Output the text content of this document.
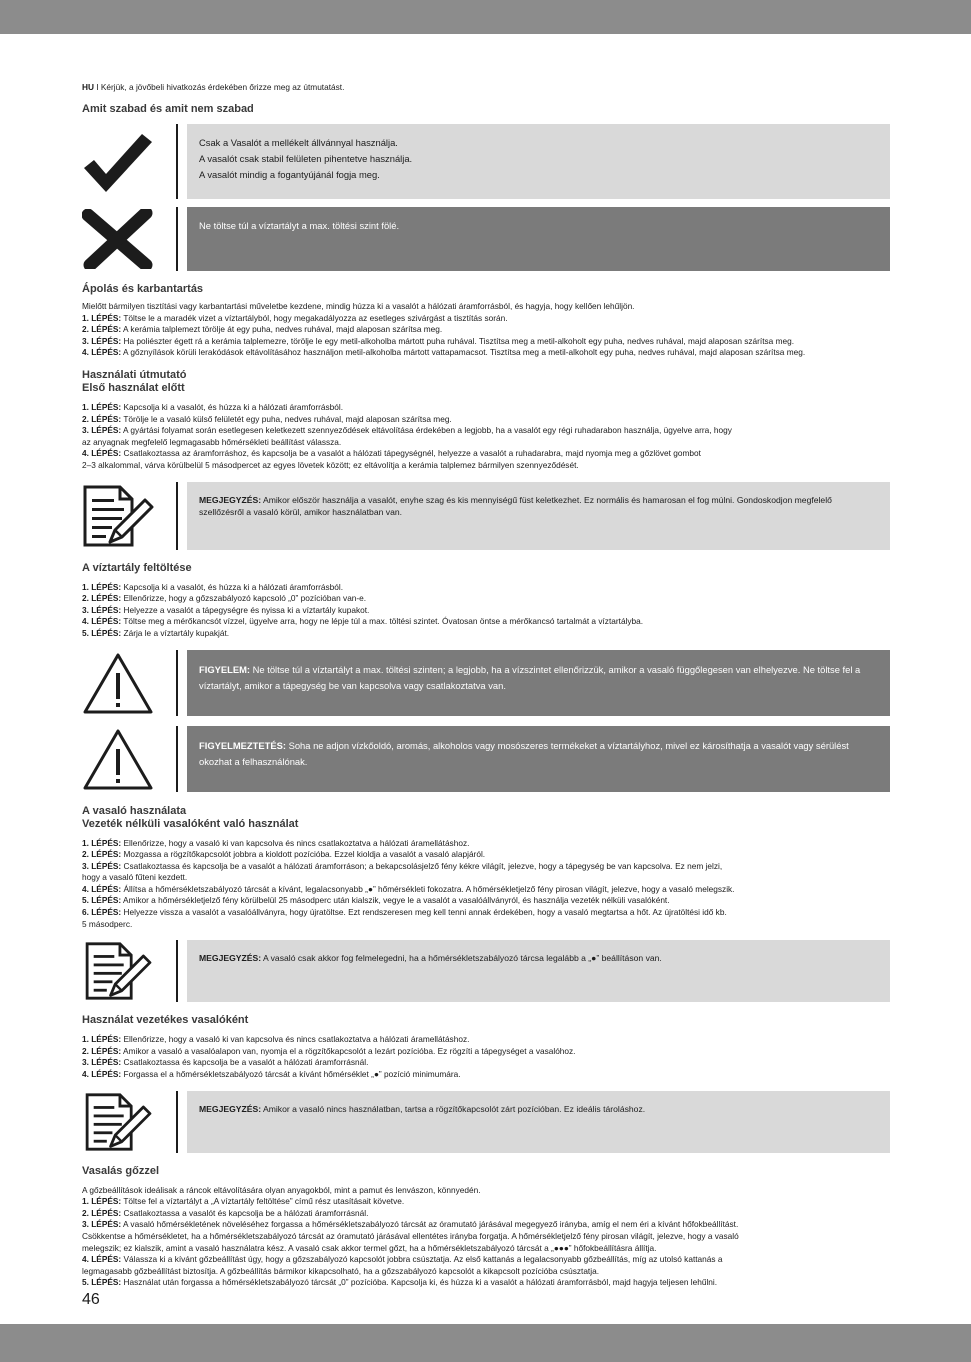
HU I Kérjük, a jövőbeli hivatkozás érdekében őrizze meg az útmutatást.

Amit szabad és amit nem szabad
Csak a Vasalót a mellékelt állvánnyal használja.
A vasalót csak stabil felületen pihentetve használja.
A vasalót mindig a fogantyújánál fogja meg.
Ne töltse túl a víztartályt a max. töltési szint fölé.
Ápolás és karbantartás
Mielőtt bármilyen tisztítási vagy karbantartási műveletbe kezdene, mindig húzza ki a vasalót a hálózati áramforrásból, és hagyja, hogy kellően lehűljön.
1. LÉPÉS: Töltse le a maradék vizet a víztartályból, hogy megakadályozza az esetleges szivárgást a tisztítás során.
2. LÉPÉS: A kerámia talplemezt törölje át egy puha, nedves ruhával, majd alaposan szárítsa meg.
3. LÉPÉS: Ha poliészter égett rá a kerámia talplemezre, törölje le egy metil-alkoholba mártott puha ruhával. Tisztítsa meg a metil-alkoholt egy puha, nedves ruhával, majd alaposan szárítsa meg.
4. LÉPÉS: A gőznyílások körüli lerakódások eltávolításához használjon metil-alkoholba mártott vattapamacsot. Tisztítsa meg a metil-alkoholt egy puha, nedves ruhával, majd alaposan szárítsa meg.
Használati útmutató
Első használat előtt
1. LÉPÉS: Kapcsolja ki a vasalót, és húzza ki a hálózati áramforrásból.
2. LÉPÉS: Törölje le a vasaló külső felületét egy puha, nedves ruhával, majd alaposan szárítsa meg.
3. LÉPÉS: A gyártási folyamat során esetlegesen keletkezett szennyeződések eltávolítása érdekében a legjobb, ha a vasalót egy régi ruhadarabon használja, ügyelve arra, hogy
az anyagnak megfelelő legmagasabb hőmérsékleti beállítást válassza.
4. LÉPÉS: Csatlakoztassa az áramforráshoz, és kapcsolja be a vasalót a hálózati tápegységnél, helyezze a vasalót a ruhadarabra, majd nyomja meg a gőzlövet gombot
2–3 alkalommal, várva körülbelül 5 másodpercet az egyes lövetek között; ez eltávolítja a kerámia talplemez bármilyen szennyeződését.
MEGJEGYZÉS: Amikor először használja a vasalót, enyhe szag és kis mennyiségű füst keletkezhet. Ez normális és hamarosan el fog múlni. Gondoskodjon megfelelő szellőzésről a vasaló körül, amikor használatban van.
A víztartály feltöltése
1. LÉPÉS: Kapcsolja ki a vasalót, és húzza ki a hálózati áramforrásból.
2. LÉPÉS: Ellenőrizze, hogy a gőzszabályozó kapcsoló „0” pozícióban van-e.
3. LÉPÉS: Helyezze a vasalót a tápegységre és nyissa ki a víztartály kupakot.
4. LÉPÉS: Töltse meg a mérőkancsót vízzel, ügyelve arra, hogy ne lépje túl a max. töltési szintet. Óvatosan öntse a mérőkancsó tartalmát a víztartályba.
5. LÉPÉS: Zárja le a víztartály kupakját.
FIGYELEM: Ne töltse túl a víztartályt a max. töltési szinten; a legjobb, ha a vízszintet ellenőrizzük, amikor a vasaló függőlegesen van elhelyezve. Ne töltse fel a víztartályt, amikor a tápegység be van kapcsolva vagy csatlakoztatva van.
FIGYELMEZTETÉS: Soha ne adjon vízkőoldó, aromás, alkoholos vagy mosószeres termékeket a víztartályhoz, mivel ez károsíthatja a vasalót vagy sérülést okozhat a felhasználónak.
A vasaló használata
Vezeték nélküli vasalóként való használat
1. LÉPÉS: Ellenőrizze, hogy a vasaló ki van kapcsolva és nincs csatlakoztatva a hálózati áramellátáshoz.
2. LÉPÉS: Mozgassa a rögzítőkapcsolót jobbra a kioldott pozícióba. Ezzel kioldja a vasalót a vasaló alapjáról.
3. LÉPÉS: Csatlakoztassa és kapcsolja be a vasalót a hálózati áramforráson; a bekapcsolásjelző fény kékre világít, jelezve, hogy a tápegység be van kapcsolva. Ez nem jelzi,
hogy a vasaló fűteni kezdett.
4. LÉPÉS: Állítsa a hőmérsékletszabályozó tárcsát a kívánt, legalacsonyabb „●” hőmérsékleti fokozatra. A hőmérsékletjelző fény pirosan világít, jelezve, hogy a vasaló melegszik.
5. LÉPÉS: Amikor a hőmérsékletjelző fény körülbelül 25 másodperc után kialszik, vegye le a vasalót a vasalóállványról, és használja vezeték nélküli vasalóként.
6. LÉPÉS: Helyezze vissza a vasalót a vasalóállványra, hogy újratöltse. Ezt rendszeresen meg kell tenni annak érdekében, hogy a vasaló megtartsa a hőt. Az újratöltési idő kb.
5 másodperc.
MEGJEGYZÉS: A vasaló csak akkor fog felmelegedni, ha a hőmérsékletszabályozó tárcsa legalább a „●” beállításon van.
Használat vezetékes vasalóként
1. LÉPÉS: Ellenőrizze, hogy a vasaló ki van kapcsolva és nincs csatlakoztatva a hálózati áramellátáshoz.
2. LÉPÉS: Amikor a vasaló a vasalóalapon van, nyomja el a rögzítőkapcsolót a lezárt pozícióba. Ez rögzíti a tápegységet a vasalóhoz.
3. LÉPÉS: Csatlakoztassa és kapcsolja be a vasalót a hálózati áramforrásnál.
4. LÉPÉS: Forgassa el a hőmérsékletszabályozó tárcsát a kívánt hőmérséklet „●” pozíció minimumára.
MEGJEGYZÉS: Amikor a vasaló nincs használatban, tartsa a rögzítőkapcsolót zárt pozícióban. Ez ideális tároláshoz.
Vasalás gőzzel
A gőzbeállítások ideálisak a ráncok eltávolítására olyan anyagokból, mint a pamut és lenvászon, könnyedén.
1. LÉPÉS: Töltse fel a víztartályt a „A víztartály feltöltése” című rész utasításait követve.
2. LÉPÉS: Csatlakoztassa a vasalót és kapcsolja be a hálózati áramforrásnál.
3. LÉPÉS: A vasaló hőmérsékletének növeléséhez forgassa a hőmérsékletszabályozó tárcsát az óramutató járásával megegyező irányba, amíg el nem éri a kívánt hőfokbeállítást.
Csökkentse a hőmérsékletet, ha a hőmérsékletszabályozó tárcsát az óramutató járásával ellentétes irányba forgatja. A hőmérsékletjelző fény pirosan világít, jelezve, hogy a vasaló
melegszik; ez kialszik, amint a vasaló használatra kész. A vasaló csak akkor termel gőzt, ha a hőmérsékletszabályozó tárcsát a „●●●” hőfokbeállításra állítja.
4. LÉPÉS: Válassza ki a kívánt gőzbeállítást úgy, hogy a gőzszabályozó kapcsolót jobbra csúsztatja. Az első kattanás a legalacsonyabb gőzbeállítás, míg az utolsó kattanás a
legmagasabb gőzbeállítást biztosítja. A gőzbeállítás bármikor kikapcsolható, ha a gőzszabályozó kapcsolót a kikapcsolt pozícióba csúsztatja.
5. LÉPÉS: Használat után forgassa a hőmérsékletszabályozó tárcsát „0” pozícióba. Kapcsolja ki, és húzza ki a vasalót a hálózati áramforrásból, majd hagyja teljesen lehűlni.
46
